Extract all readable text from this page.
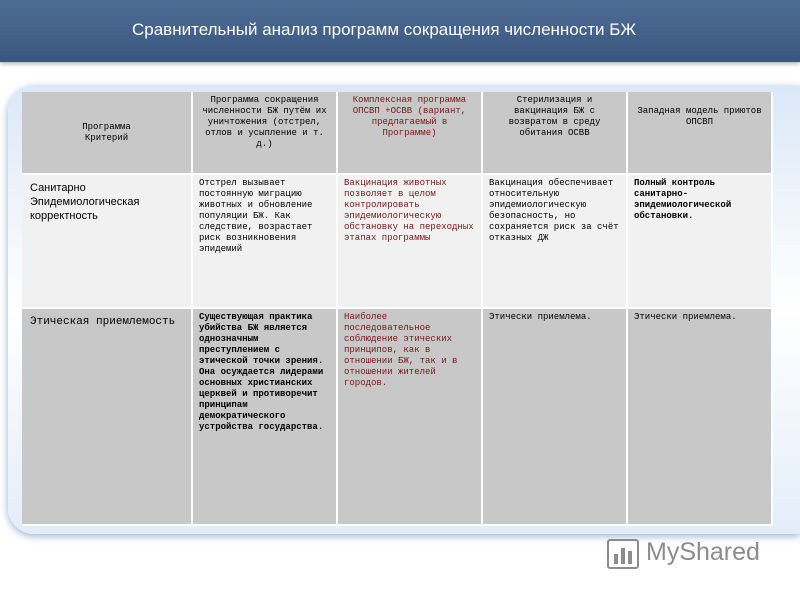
Сравнительный анализ программ сокращения численности БЖ
Программа
Критерий	Программа сокращения численности БЖ путём их уничтожения (отстрел, отлов и усыпление и т. д.)	Комплексная программа ОПСВП +ОСВВ (вариант, предлагаемый в Программе)	Стерилизация и вакцинация БЖ с возвратом в среду обитания ОСВВ	Западная модель приютов ОПСВП
Санитарно Эпидемиологическая корректность	Отстрел вызывает постоянную миграцию животных и обновление популяции БЖ. Как следствие, возрастает риск возникновения эпидемий	Вакцинация животных позволяет в целом контролировать эпидемиологическую обстановку на переходных этапах программы	Вакцинация обеспечивает относительную эпидемиологическую безопасность, но сохраняется риск за счёт отказных ДЖ	Полный контроль санитарно-эпидемиологической обстановки.
Этическая приемлемость	Существующая практика убийства БЖ является однозначным преступлением с этической точки зрения. Она осуждается лидерами основных христианских церквей и противоречит принципам демократического устройства государства.	Наиболее последовательное соблюдение этических принципов, как в отношении БЖ, так и в отношении жителей городов.	Этически приемлема.	Этически приемлема.
MyShared
